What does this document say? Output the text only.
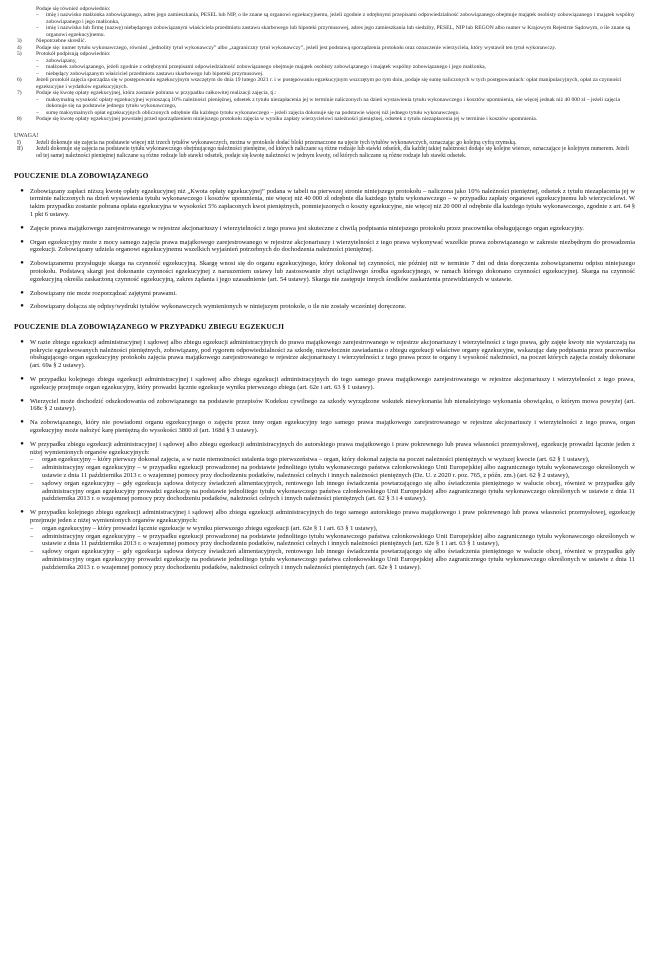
Podaje się również odpowiednio:
–	imię i nazwisko małżonka zobowiązanego, adres jego zamieszkania, PESEL lub NIP, o ile znane są organowi egzekucyjnemu, jeżeli zgodnie z odrębnymi przepisami odpowiedzialność zobowiązanego obejmuje majątek osobisty zobowiązanego i majątek wspólny zobowiązanego i jego małżonka,
–	imię i nazwisko lub firmę (nazwę) niebędącego zobowiązanym właściciela przedmiotu zastawu skarbowego lub hipoteki przymusowej, adres jego zamieszkania lub siedziby, PESEL, NIP lub REGON albo numer w Krajowym Rejestrze Sądowym, o ile znane są organowi egzekucyjnemu.
3)	Niepotrzebne skreślić.
4)	Podaje się: numer tytułu wykonawczego, również „jednolity tytuł wykonawczy” albo „zagraniczny tytuł wykonawczy”, jeżeli jest podstawą sporządzenia protokołu oraz oznaczenie wierzyciela, który wystawił ten tytuł wykonawczy.
5)	Protokół podpisują odpowiednio:
–	zobowiązany,
–	małżonek zobowiązanego, jeżeli zgodnie z odrębnymi przepisami odpowiedzialność zobowiązanego obejmuje majątek osobisty zobowiązanego i majątek wspólny zobowiązanego i jego małżonka,
–	niebędący zobowiązanym właściciel przedmiotu zastawu skarbowego lub hipoteki przymusowej.
6)	Jeżeli protokół zajęcia sporządza się w postępowaniu egzekucyjnym wszczętym do dnia 19 lutego 2021 r. i w postępowaniu egzekucyjnym wszczętym po tym dniu, podaje się sumę naliczonych w tych postępowaniach: opłat manipulacyjnych, opłat za czynności egzekucyjne i wydatków egzekucyjnych.
7)	Podaje się kwotę opłaty egzekucyjnej, która zostanie pobrana w przypadku całkowitej realizacji zajęcia, tj.:
–	maksymalną wysokość opłaty egzekucyjnej wynoszącą 10% należności pieniężnej, odsetek z tytułu niezapłacenia jej w terminie naliczonych na dzień wystawienia tytułu wykonawczego i kosztów upomnienia, nie więcej jednak niż 40 000 zł – jeżeli zajęcia dokonuje się na podstawie jednego tytułu wykonawczego,
–	sumę maksymalnych opłat egzekucyjnych obliczonych odrębnie dla każdego tytułu wykonawczego – jeżeli zajęcia dokonuje się na podstawie więcej niż jednego tytułu wykonawczego.
8)	Podaje się kwotę opłaty egzekucyjnej powstałej przed sporządzeniem niniejszego protokołu zajęcia w wyniku zapłaty wierzycielowi należności pieniężnej, odsetek z tytułu niezapłacenia jej w terminie i kosztów upomnienia.
UWAGA!
I)	Jeżeli dokonuje się zajęcia na podstawie więcej niż trzech tytułów wykonawczych, można w protokole dodać bloki przeznaczone na ujęcie tych tytułów wykonawczych, oznaczając go kolejną cyfrą rzymską.
II)	Jeżeli dokonuje się zajęcia na podstawie tytułu wykonawczego obejmującego należności pieniężne, od których naliczane są różne rodzaje lub stawki odsetek, dla każdej takiej należności dodaje się kolejne wiersze, oznaczające je kolejnym numerem. Jeżeli od tej samej należności pieniężnej naliczane są różne rodzaje lub stawki odsetek, podaje się kwotę należności w jednym kwoty, od których naliczane są różne rodzaje lub stawki odsetek.
POUCZENIE DLA ZOBOWIĄZANEGO
● Zobowiązany zapłaci niższą kwotę opłaty egzekucyjnej niż „Kwota opłaty egzekucyjnej” podana w tabeli na pierwszej stronie niniejszego protokołu – naliczona jako 10% należności pieniężnej, odsetek z tytułu niezapłacenia jej w terminie naliczonych na dzień wystawienia tytułu wykonawczego i kosztów upomnienia, nie więcej niż 40 000 zł odrębnie dla każdego tytułu wykonawczego – w przypadku zapłaty organowi egzekucyjnemu lub wierzycielowi. W takim przypadku zostanie pobrana opłata egzekucyjna w wysokości 5% zapłaconych kwot pieniężnych, pomniejszonych o koszty egzekucyjne, nie więcej niż 20 000 zł odrębnie dla każdego tytułu wykonawczego, zgodnie z art. 64 § 1 pkt 6 ustawy.
● Zajęcie prawa majątkowego zarejestrowanego w rejestrze akcjonariuszy i wierzytelności z tego prawa jest skuteczne z chwilą podpisania niniejszego protokołu przez pracownika obsługującego organ egzekucyjny.
● Organ egzekucyjny może z mocy samego zajęcia prawa majątkowego zarejestrowanego w rejestrze akcjonariuszy i wierzytelności z tego prawa wykonywać wszelkie prawa zobowiązanego w zakresie niezbędnym do prowadzenia egzekucji. Zobowiązany udziela organowi egzekucyjnemu wszelkich wyjaśnień potrzebnych do dochodzenia należności pieniężnej.
● Zobowiązanemu przysługuje skarga na czynność egzekucyjną. Skargę wnosi się do organu egzekucyjnego, który dokonał tej czynności, nie później niż w terminie 7 dni od dnia doręczenia zobowiązanemu odpisu niniejszego protokołu. Podstawą skargi jest dokonanie czynności egzekucyjnej z naruszeniem ustawy lub zastosowanie zbyt uciążliwego środka egzekucyjnego, w ramach którego dokonano czynności egzekucyjnej. Skarga na czynność egzekucyjną określa zaskarżoną czynność egzekucyjną, zakres żądania i jego uzasadnienie (art. 54 ustawy). Skarga nie zastępuje innych środków zaskarżenia przewidzianych w ustawie.
● Zobowiązany nie może rozporządzać zajętymi prawami.
● Zobowiązany dołącza się odpisy/wydruki tytułów wykonawczych wymienionych w niniejszym protokole, o ile nie zostały wcześniej doręczone.
POUCZENIE DLA ZOBOWIĄZANEGO W PRZYPADKU ZBIEGU EGZEKUCJI
● W razie zbiegu egzekucji administracyjnej i sądowej albo zbiegu egzekucji administracyjnych do prawa majątkowego zarejestrowanego w rejestrze akcjonariuszy i wierzytelności z tego prawa, gdy zajęte kwoty nie wystarczają na pokrycie egzekwowanych należności pieniężnych, zobowiązany, pod rygorem odpowiedzialności za szkodę, niezwłocznie zawiadamia o zbiegu egzekucji właściwe organy egzekucyjne, wskazując datę podpisania przez pracownika obsługującego organ egzekucyjny protokołu zajęcia prawa majątkowego zarejestrowanego w rejestrze akcjonariuszy i wierzytelności z tego prawa przez te organy i wysokość należności, na poczet których zajęcia zostały dokonane (art. 69a § 2 ustawy).
● W przypadku kolejnego zbiegu egzekucji administracyjnej i sądowej albo zbiegu egzekucji administracyjnych do tego samego prawa majątkowego zarejestrowanego w rejestrze akcjonariuszy i wierzytelności z tego prawa, egzekucję przejmuje organ egzekucyjny, który prowadzi łącznie egzekucje wyniku pierwszego zbiegu (art. 62e i art. 63 § 1 ustawy).
● Wierzyciel może dochodzić odszkodowania od zobowiązanego na podstawie przepisów Kodeksu cywilnego za szkody wyrządzone wskutek niewykonania lub nienależytego wykonania obowiązku, o którym mowa powyżej (art. 168c § 2 ustawy).
● Na zobowiązanego, który nie powiadomi organu egzekucyjnego o zajęciu przez inny organ egzekucyjny tego samego prawa majątkowego zarejestrowanego w rejestrze akcjonariuszy i wierzytelności z tego prawa, organ egzekucyjny może nałożyć karę pieniężną do wysokości 3800 zł (art. 168d § 3 ustawy).
● W przypadku zbiegu egzekucji administracyjnej i sądowej albo zbiegu egzekucji administracyjnych do autorskiego prawa majątkowego i praw pokrewnego lub prawa własności przemysłowej, egzekucję prowadzi łącznie jeden z niżej wymienionych organów egzekucyjnych:
–	organ egzekucyjny – który pierwszy dokonał zajęcia, a w razie niemożności ustalenia tego pierwszeństwa – organ, który dokonał zajęcia na poczet należności pieniężnych w wyższej kwocie (art. 62 § 1 ustawy),
–	administracyjny organ egzekucyjny – w przypadku egzekucji prowadzonej na podstawie jednolitego tytułu wykonawczego państwa członkowskiego Unii Europejskiej albo zagranicznego tytułu wykonawczego określonych w ustawie z dnia 11 października 2013 r. o wzajemnej pomocy przy dochodzeniu podatków, należności celnych i innych należności pieniężnych (Dz. U. z 2020 r. poz. 765, z późn. zm.) (art. 62 § 2 ustawy),
–	sądowy organ egzekucyjny – gdy egzekucja sądowa dotyczy świadczeń alimentacyjnych, rentowego lub innego świadczenia powtarzającego się albo świadczenia pieniężnego w walucie obcej, również w przypadku gdy administracyjny organ egzekucyjny prowadzi egzekucję na podstawie jednolitego tytułu wykonawczego państwa członkowskiego Unii Europejskiej albo zagranicznego tytułu wykonawczego określonych w ustawie z dnia 11 października 2013 r. o wzajemnej pomocy przy dochodzeniu podatków, należności celnych i innych należności pieniężnych (art. 62 § 3 i 4 ustawy).
● W przypadku kolejnego zbiegu egzekucji administracyjnej i sądowej albo zbiegu egzekucji administracyjnych do tego samego autorskiego prawa majątkowego i praw pokrewnego lub prawa własności przemysłowej, egzekucję przejmuje jeden z niżej wymienionych organów egzekucyjnych:
–	organ egzekucyjny – który prowadzi łącznie egzekucje w wyniku pierwszego zbiegu egzekucji (art. 62e § 1 i art. 63 § 1 ustawy),
–	administracyjny organ egzekucyjny – w przypadku egzekucji prowadzonej na podstawie jednolitego tytułu wykonawczego państwa członkowskiego Unii Europejskiej albo zagranicznego tytułu wykonawczego określonych w ustawie z dnia 11 października 2013 r. o wzajemnej pomocy przy dochodzeniu podatków, należności celnych i innych należności pieniężnych (art. 62e § 1 i art. 63 § 1 ustawy),
–	sądowy organ egzekucyjny – gdy egzekucja sądowa dotyczy świadczeń alimentacyjnych, rentowego lub innego świadczenia powtarzającego się albo świadczenia pieniężnego w walucie obcej, również w przypadku gdy administracyjny organ egzekucyjny prowadzi egzekucję na podstawie jednolitego tytułu wykonawczego państwa członkowskiego Unii Europejskiej albo zagranicznego tytułu wykonawczego określonych w ustawie z dnia 11 października 2013 r. o wzajemnej pomocy przy dochodzeniu podatków, należności celnych i innych należności pieniężnych (art. 62e § 1 ustawy).
